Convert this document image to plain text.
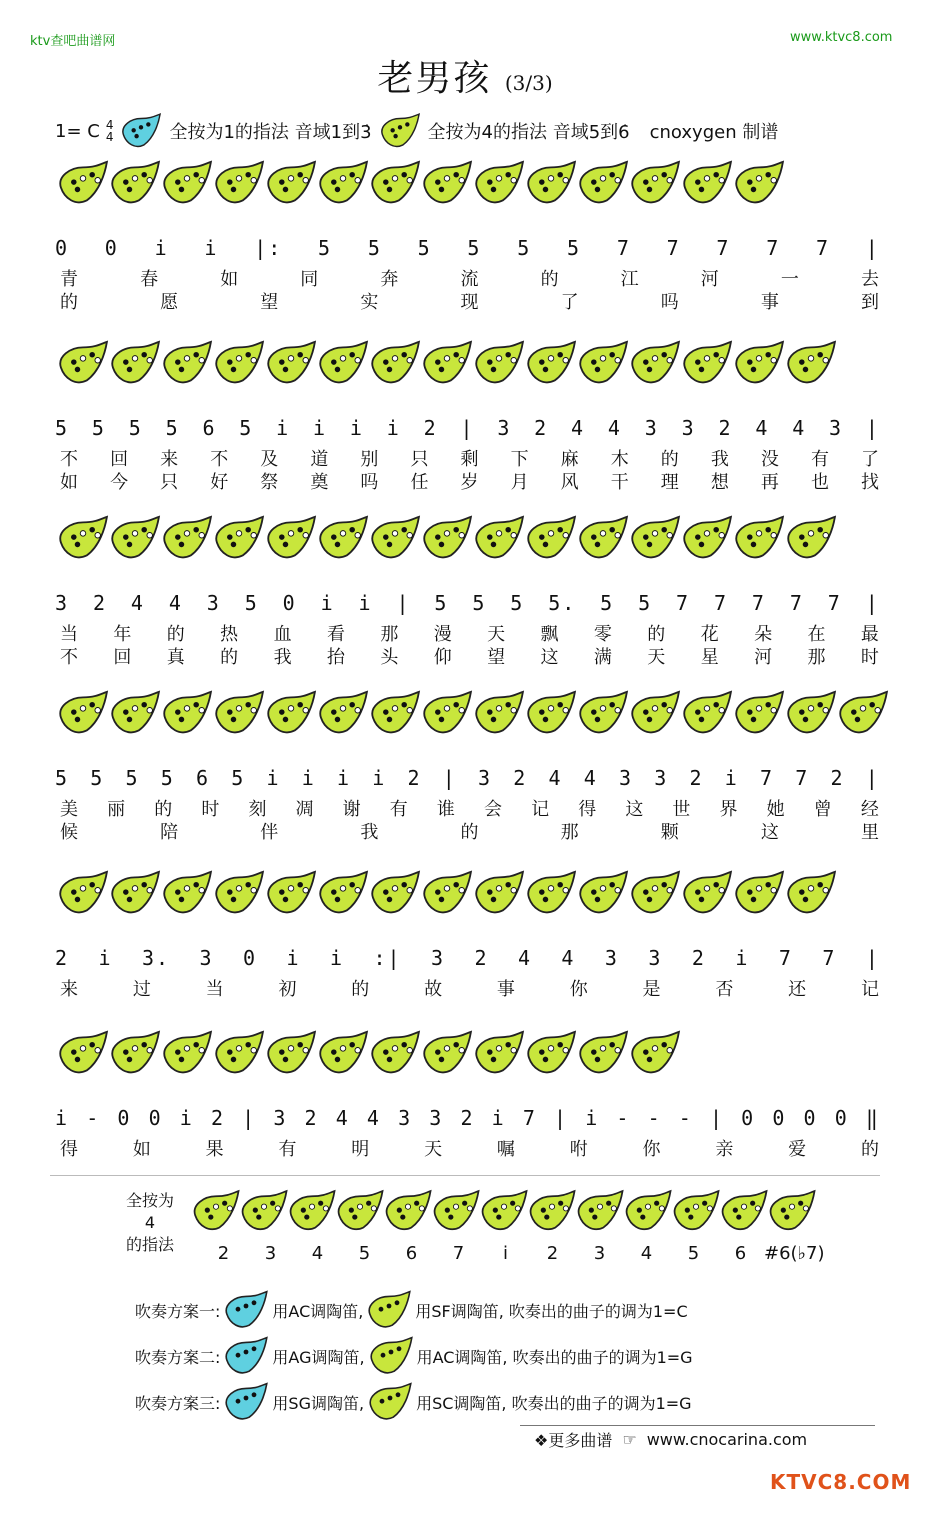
ktv查吧曲谱网	www.ktvc8.com
老男孩 (3/3)
1= C 4
4	全按为1的指法 音域1到3̇	全按为4的指法 音域5到6̇ cnoxygen 制谱
0 0 i i |: 5 5 5 5 5 5 7 7 7 7 7 |
青	春	如	同	奔	流	的	江	河	一	去
的	愿	望	实	现	了	吗	事	到
5 5 5 5 6 5 i i i i 2 | 3 2 4 4 3 3 2 4 4 3 |
不 回 来 不 及 道 别 只 剩 下 麻 木 的 我 没 有 了
如 今 只 好 祭 奠 吗 任 岁 月 风 干 理 想 再 也 找
3 2 4 4 3 5 0 i i | 5 5 5 5. 5 5 7 7 7 7 7 |
当 年 的 热 血 看 那 漫 天 飘 零 的 花 朵 在 最
不 回 真 的 我 抬 头 仰 望 这 满 天 星 河 那 时
5 5 5 5 6 5 i i i i 2 | 3 2 4 4 3 3 2 i 7 7 2 |
美 丽 的 时 刻 凋 谢 有 谁 会 记 得 这 世 界 她 曾 经
候	陪	伴	我	的	那	颗	这	里
2 i 3. 3 0 i i :| 3 2 4 4 3 3 2 i 7 7 |
来	过	当	初	的	故	事	你	是	否	还	记
i - 0 0 i 2 | 3 2 4 4 3 3 2 i 7 | i - - - | 0 0 0 0 ‖
得	如	果	有	明	天	嘱	咐	你	亲	爱	的
全按为
4
的指法	2	3	4	5	6	7	i	2	3	4	5	6 #6(♭7)
吹奏方案一:	用AC调陶笛,	用SF调陶笛, 吹奏出的曲子的调为1=C
吹奏方案二:	用AG调陶笛,	用AC调陶笛, 吹奏出的曲子的调为1=G
吹奏方案三:	用SG调陶笛,	用SC调陶笛, 吹奏出的曲子的调为1=G
❖更多曲谱 ☞ www.cnocarina.com
KTVC8.COM
